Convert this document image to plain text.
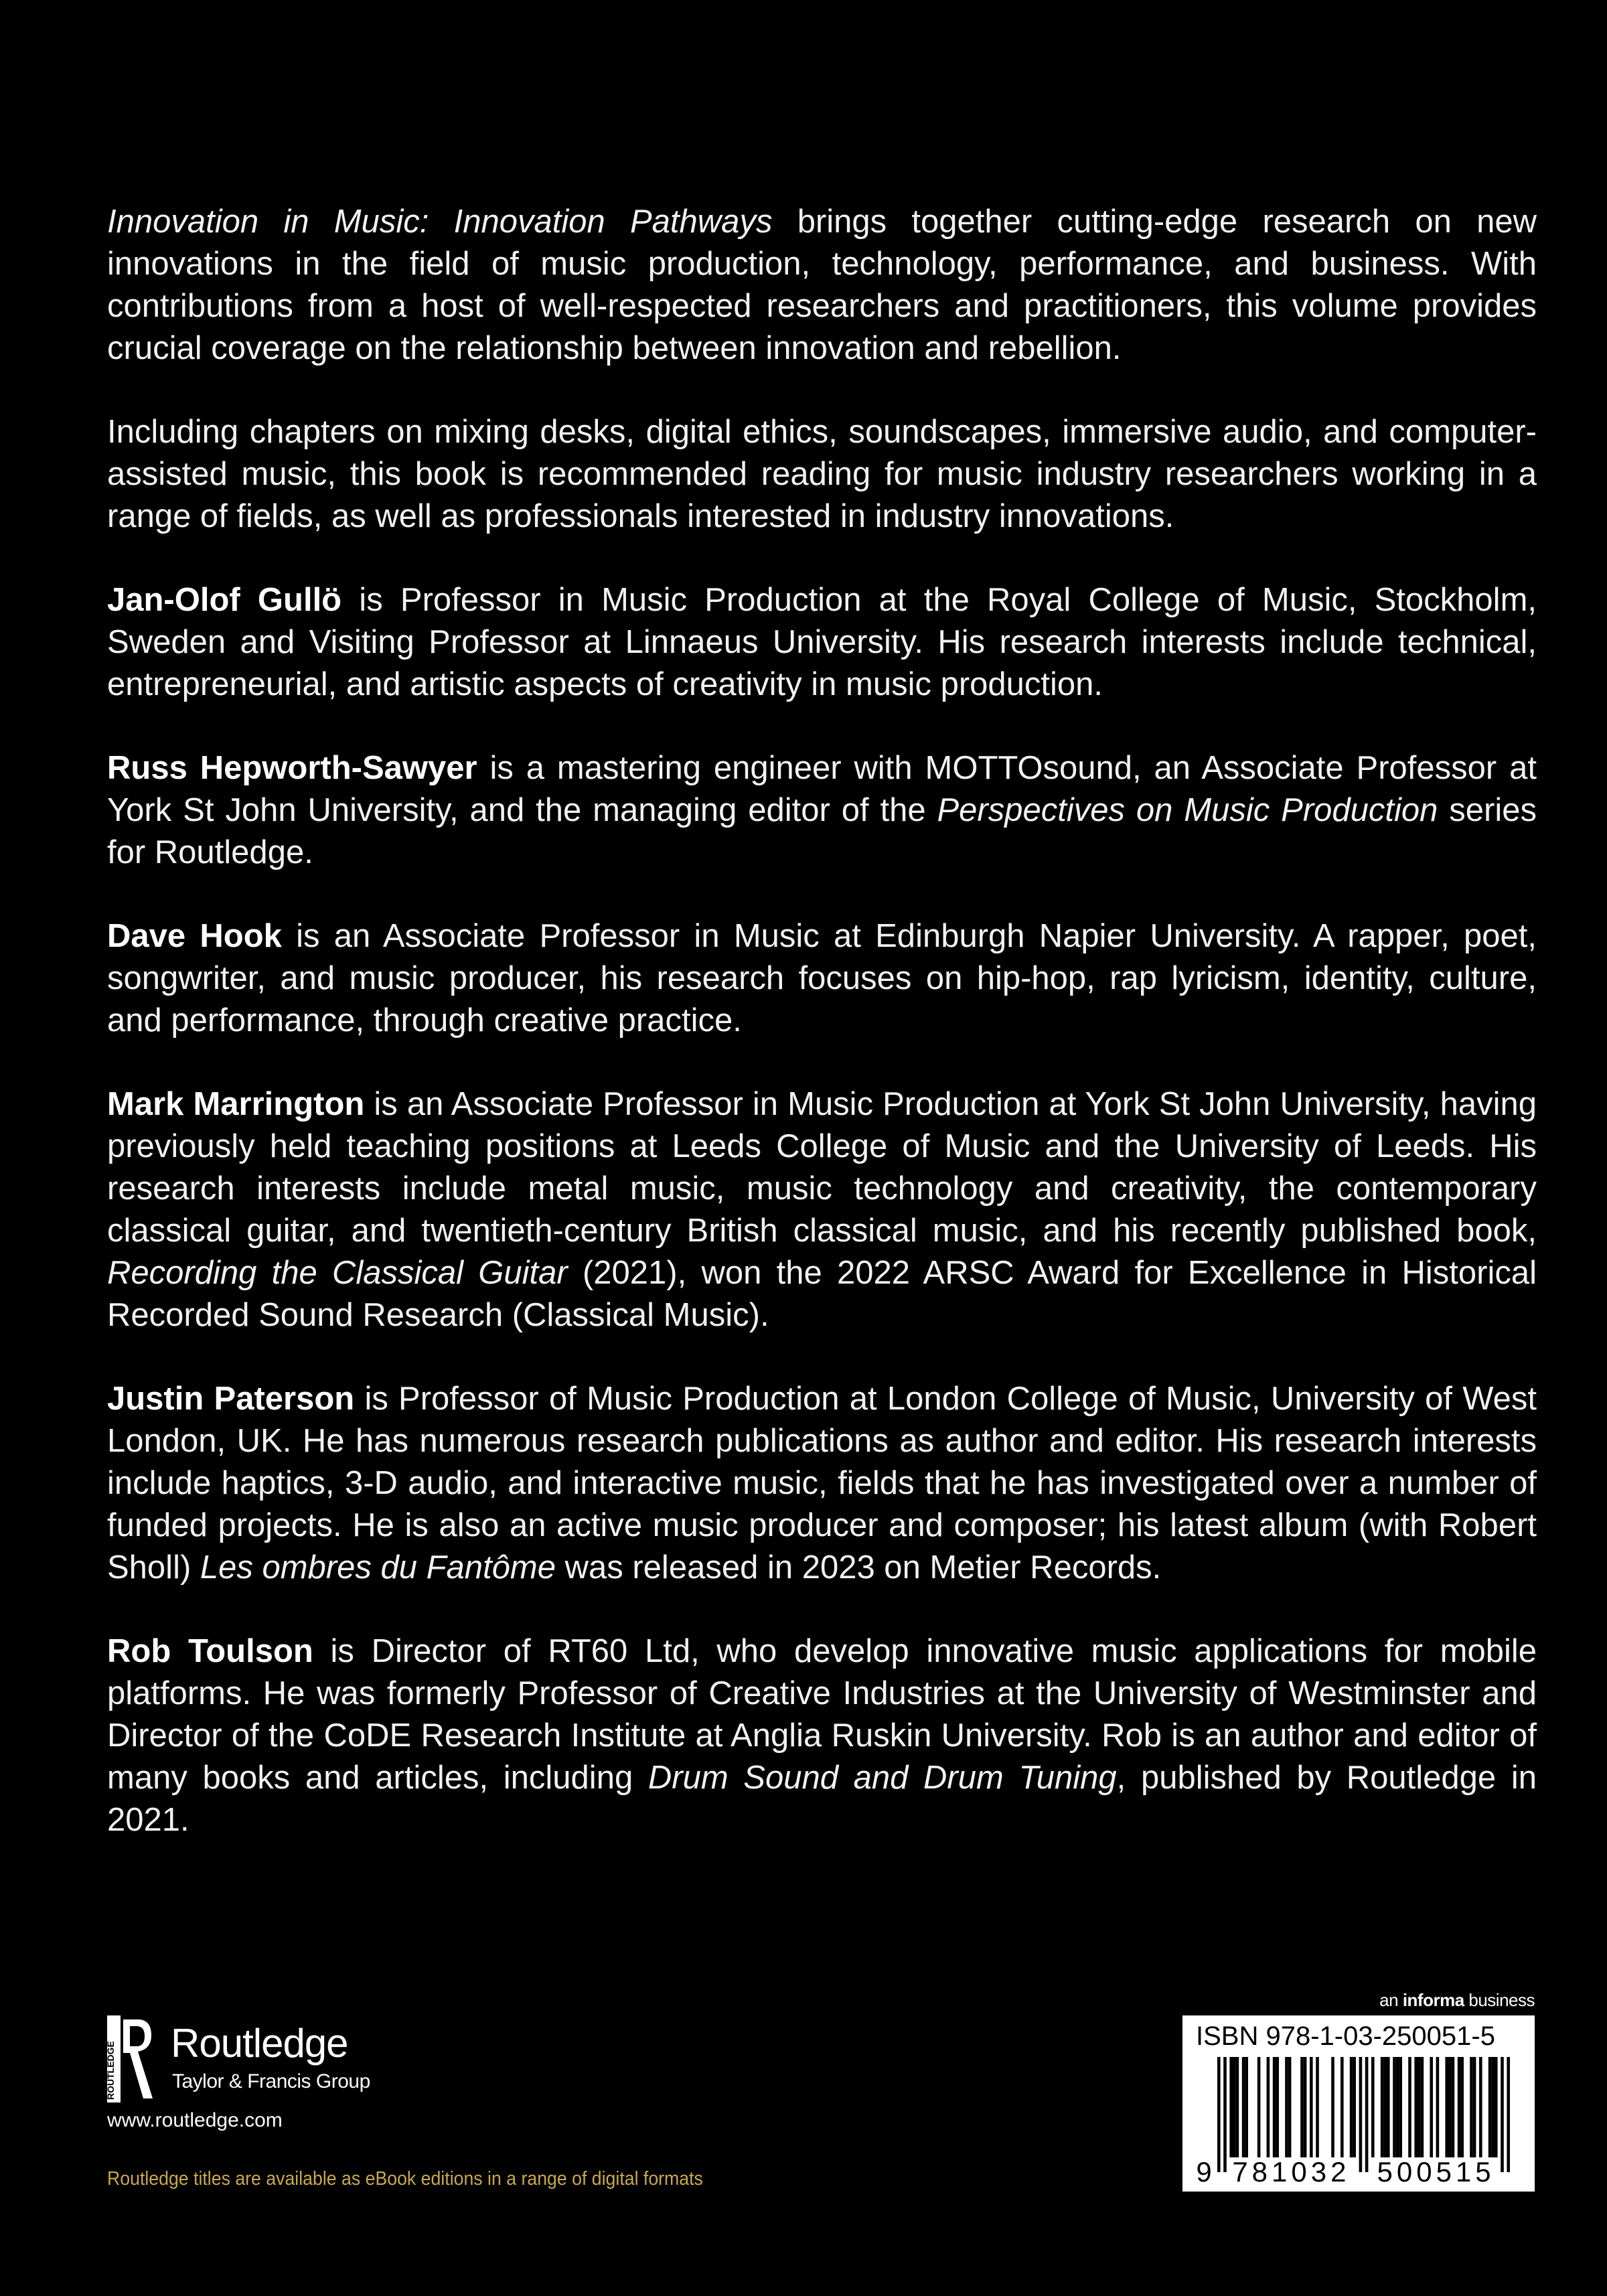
Innovation in Music: Innovation Pathways brings together cutting-edge research on new innovations in the field of music production, technology, performance, and business. With contributions from a host of well-respected researchers and practitioners, this volume provides crucial coverage on the relationship between innovation and rebellion.

Including chapters on mixing desks, digital ethics, soundscapes, immersive audio, and computer-assisted music, this book is recommended reading for music industry researchers working in a range of fields, as well as professionals interested in industry innovations.

Jan-Olof Gullö is Professor in Music Production at the Royal College of Music, Stockholm, Sweden and Visiting Professor at Linnaeus University. His research interests include technical, entrepreneurial, and artistic aspects of creativity in music production.

Russ Hepworth-Sawyer is a mastering engineer with MOTTOsound, an Associate Professor at York St John University, and the managing editor of the Perspectives on Music Production series for Routledge.

Dave Hook is an Associate Professor in Music at Edinburgh Napier University. A rapper, poet, songwriter, and music producer, his research focuses on hip-hop, rap lyricism, identity, culture, and performance, through creative practice.

Mark Marrington is an Associate Professor in Music Production at York St John University, having previously held teaching positions at Leeds College of Music and the University of Leeds. His research interests include metal music, music technology and creativity, the contemporary classical guitar, and twentieth-century British classical music, and his recently published book, Recording the Classical Guitar (2021), won the 2022 ARSC Award for Excellence in Historical Recorded Sound Research (Classical Music).

Justin Paterson is Professor of Music Production at London College of Music, University of West London, UK. He has numerous research publications as author and editor. His research interests include haptics, 3-D audio, and interactive music, fields that he has investigated over a number of funded projects. He is also an active music producer and composer; his latest album (with Robert Sholl) Les ombres du Fantôme was released in 2023 on Metier Records.

Rob Toulson is Director of RT60 Ltd, who develop innovative music applications for mobile platforms. He was formerly Professor of Creative Industries at the University of Westminster and Director of the CoDE Research Institute at Anglia Ruskin University. Rob is an author and editor of many books and articles, including Drum Sound and Drum Tuning, published by Routledge in 2021.

ROUTLEDGE Routledge
Taylor & Francis Group
www.routledge.com
Routledge titles are available as eBook editions in a range of digital formats
an informa business
ISBN 978-1-03-250051-5
9 781032 500515
